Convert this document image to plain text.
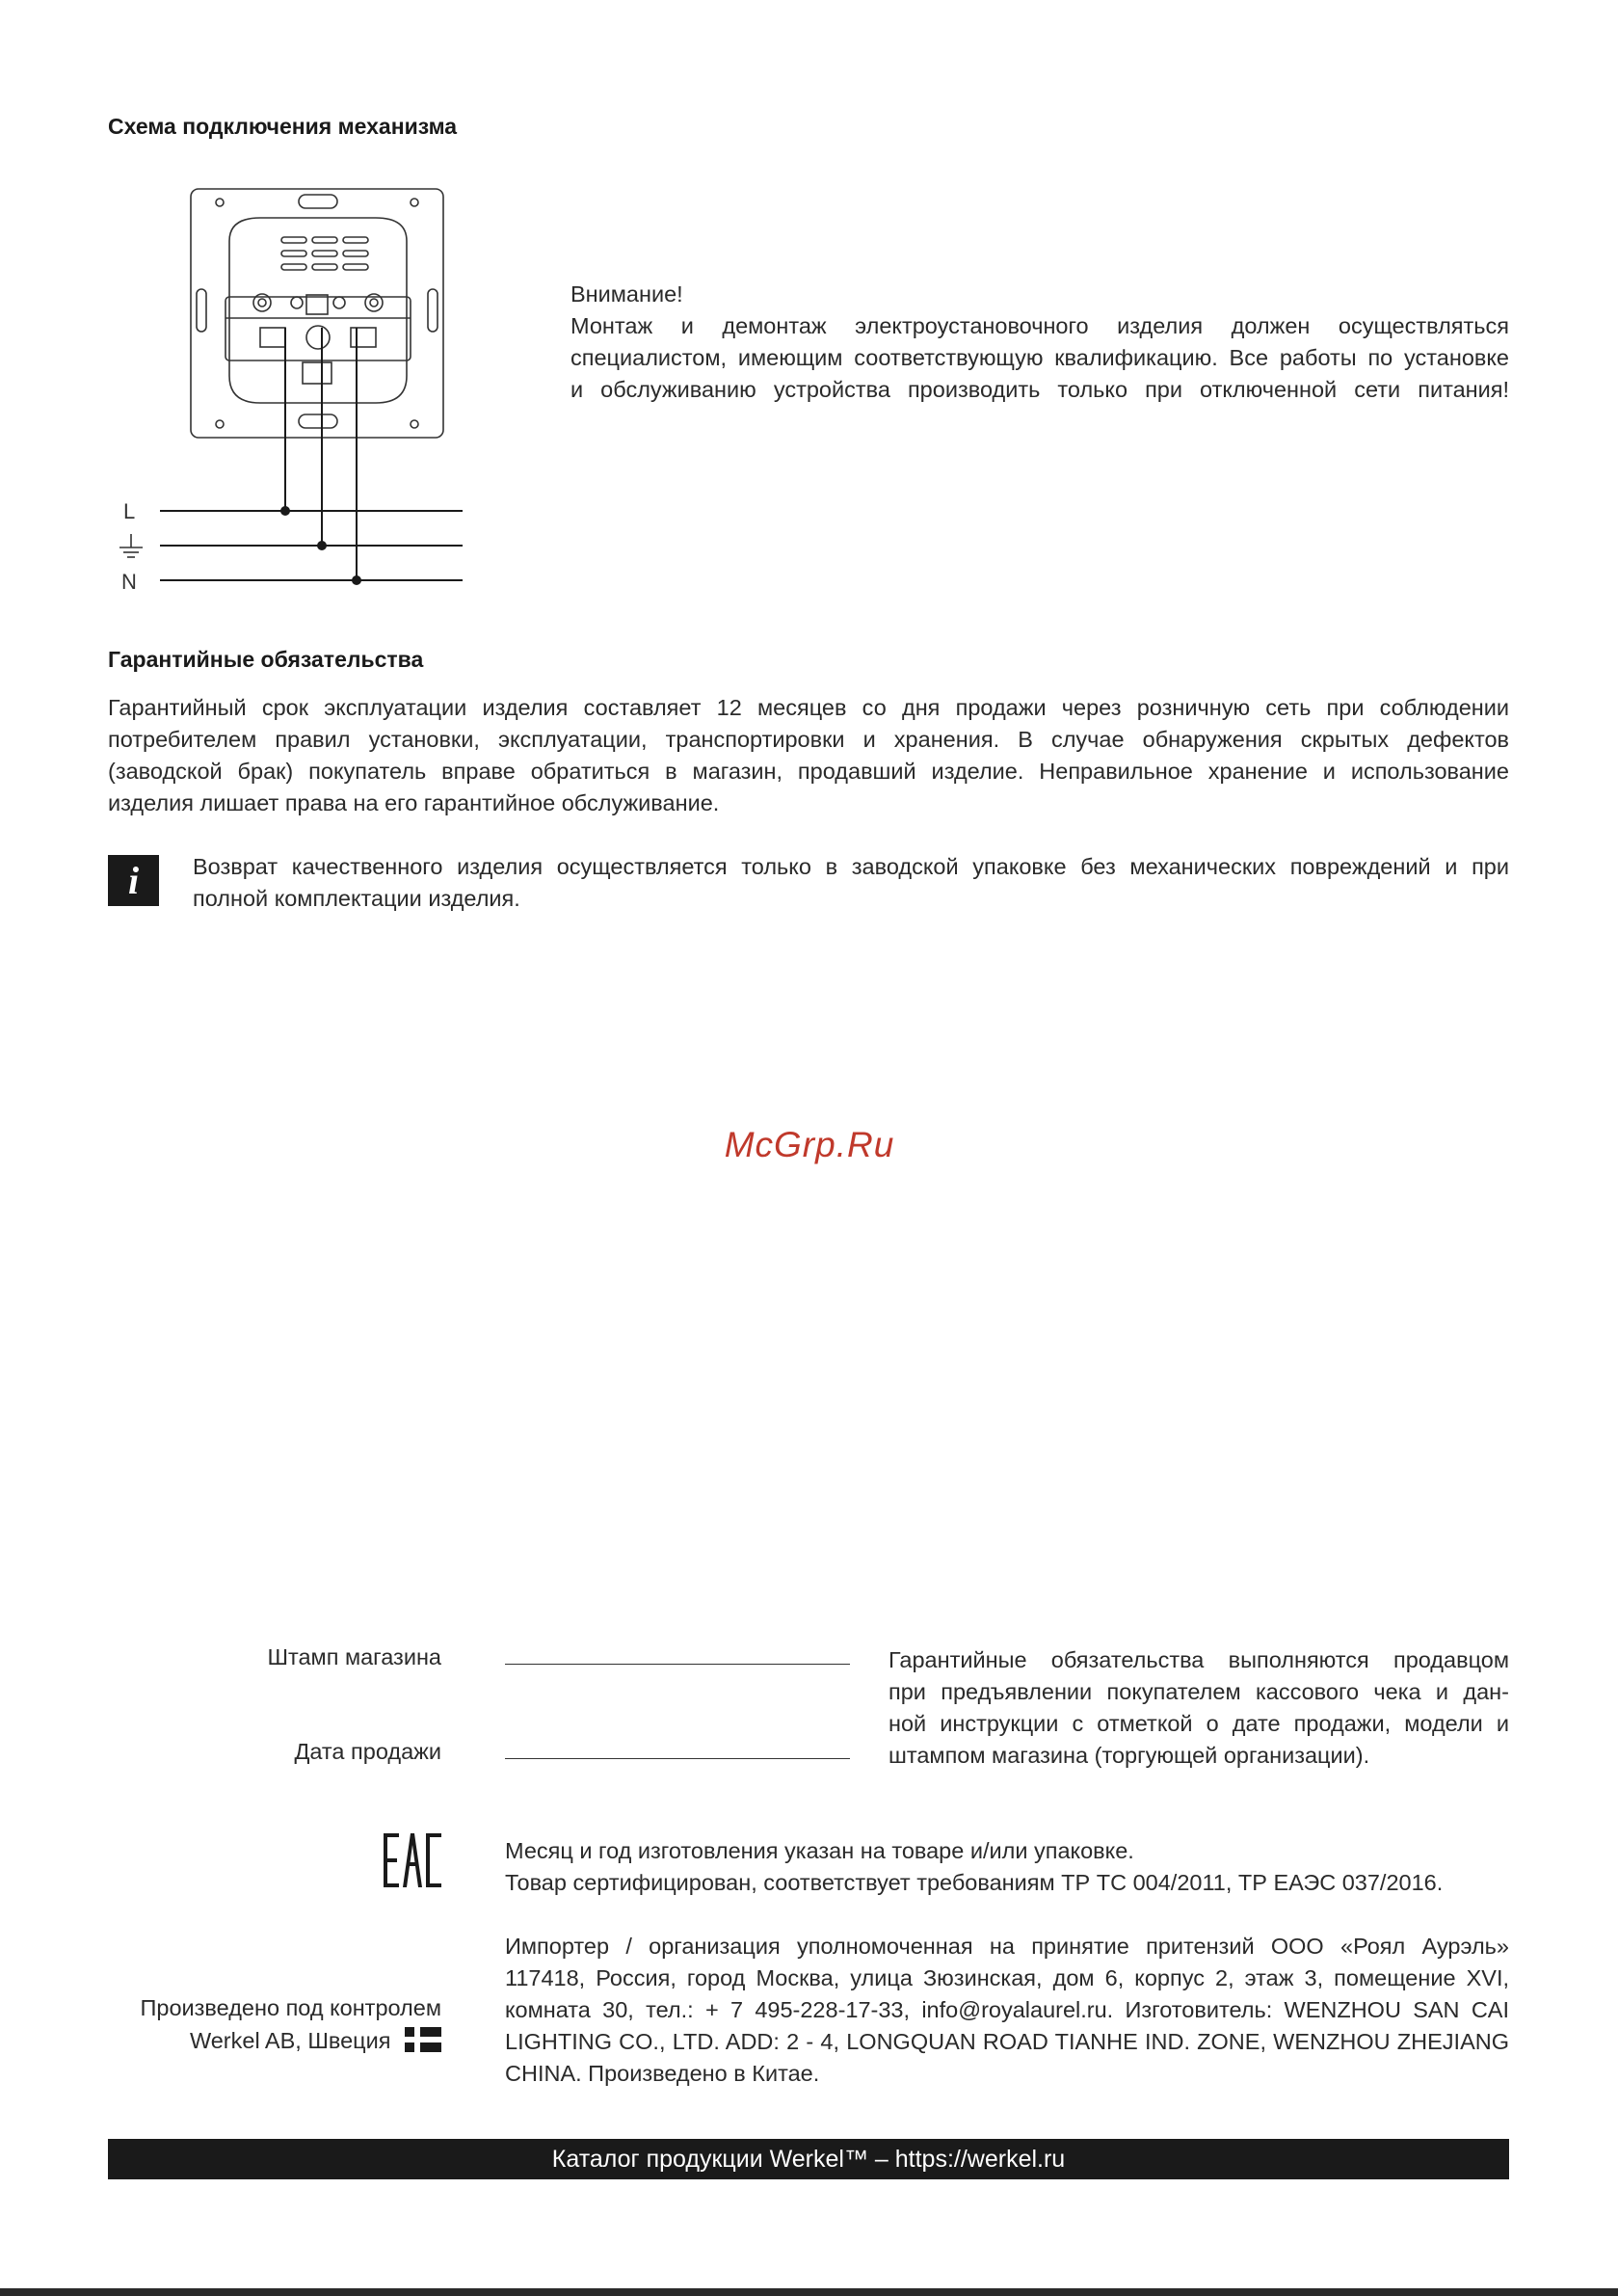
Схема подключения механизма
L
N
Внимание!
Монтаж и демонтаж электроустановочного изделия должен осуществляться
специалистом, имеющим соответствующую квалификацию. Все работы по установке
и обслуживанию устройства производить только при отключенной сети питания!
Гарантийные обязательства
Гарантийный срок эксплуатации изделия составляет 12 месяцев со дня продажи через розничную сеть при соблюдении
потребителем правил установки, эксплуатации, транспортировки и хранения. В случае обнаружения скрытых дефектов
(заводской брак) покупатель вправе обратиться в магазин, продавший изделие. Неправильное хранение и использование
изделия лишает права на его гарантийное обслуживание.
i	Возврат качественного изделия осуществляется только в заводской упаковке без механических повреждений и при
полной комплектации изделия.
McGrp.Ru
Штамп магазина
Дата продажи
Гарантийные обязательства выполняются продавцом
при предъявлении покупателем кассового чека и дан-
ной инструкции с отметкой о дате продажи, модели и
штампом магазина (торгующей организации).
Месяц и год изготовления указан на товаре и/или упаковке.
Товар сертифицирован, соответствует требованиям ТР ТС 004/2011, ТР ЕАЭС 037/2016.
Импортер / организация уполномоченная на принятие притензий ООО «Роял Аурэль»
117418, Россия, город Москва, улица Зюзинская, дом 6, корпус 2, этаж 3, помещение XVI,
комната 30, тел.: + 7 495-228-17-33, info@royalaurel.ru. Изготовитель: WENZHOU SAN CAI
LIGHTING CO., LTD. ADD: 2 - 4, LONGQUAN ROAD TIANHE IND. ZONE, WENZHOU ZHEJIANG
CHINA. Произведено в Китае.
Произведено под контролем
Werkel AB, Швеция
Каталог продукции Werkel™ – https://werkel.ru
